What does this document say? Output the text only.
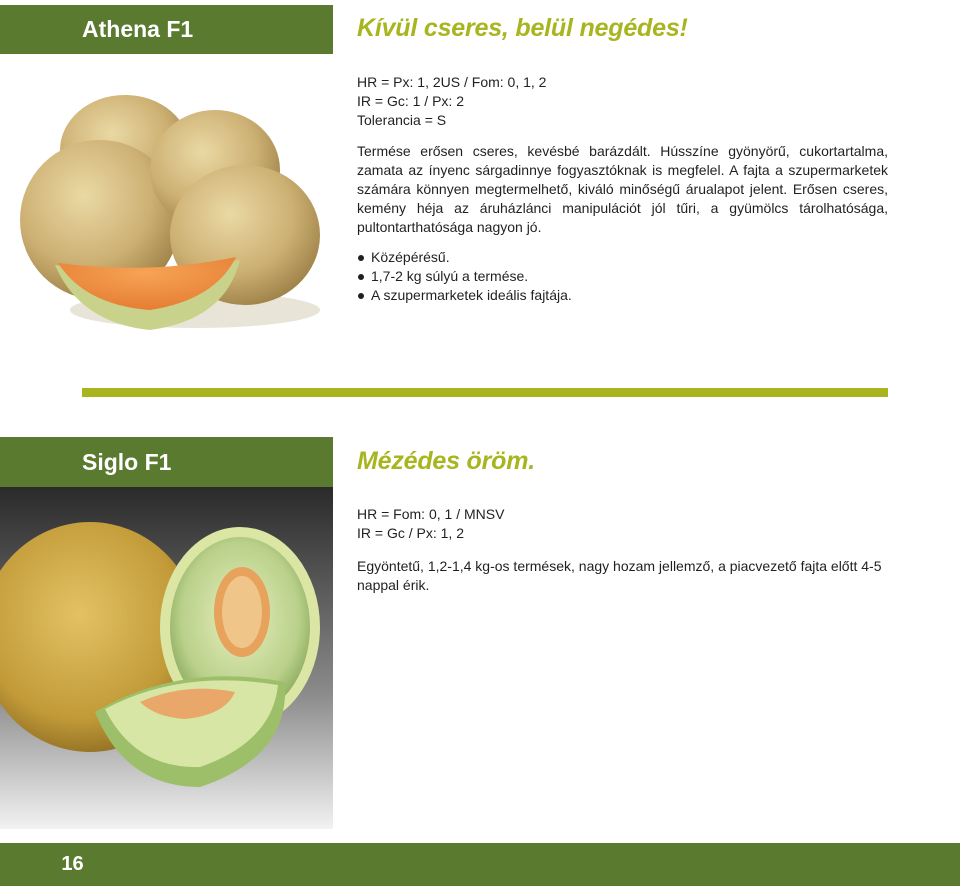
Athena F1	Kívül cseres, belül negédes!
HR = Px: 1, 2US / Fom: 0, 1, 2
IR = Gc: 1 / Px: 2
Tolerancia = S

Termése erősen cseres, kevésbé barázdált. Hússzíne gyönyörű, cukortartalma, zamata az ínyenc sárgadinnye fogyasztóknak is megfelel. A fajta a szupermarketek számára könnyen megtermelhető, kiváló minőségű árualapot jelent. Erősen cseres, kemény héja az áruházlánci manipulációt jól tűri, a gyümölcs tárolhatósága, pultontarthatósága nagyon jó.

Középérésű.
1,7-2 kg súlyú a termése.
A szupermarketek ideális fajtája.
Siglo F1	Mézédes öröm.
HR = Fom: 0, 1 / MNSV
IR = Gc / Px: 1, 2

Egyöntetű, 1,2-1,4 kg-os termések, nagy hozam jellemző, a piacvezető fajta előtt 4-5 nappal érik.

16
